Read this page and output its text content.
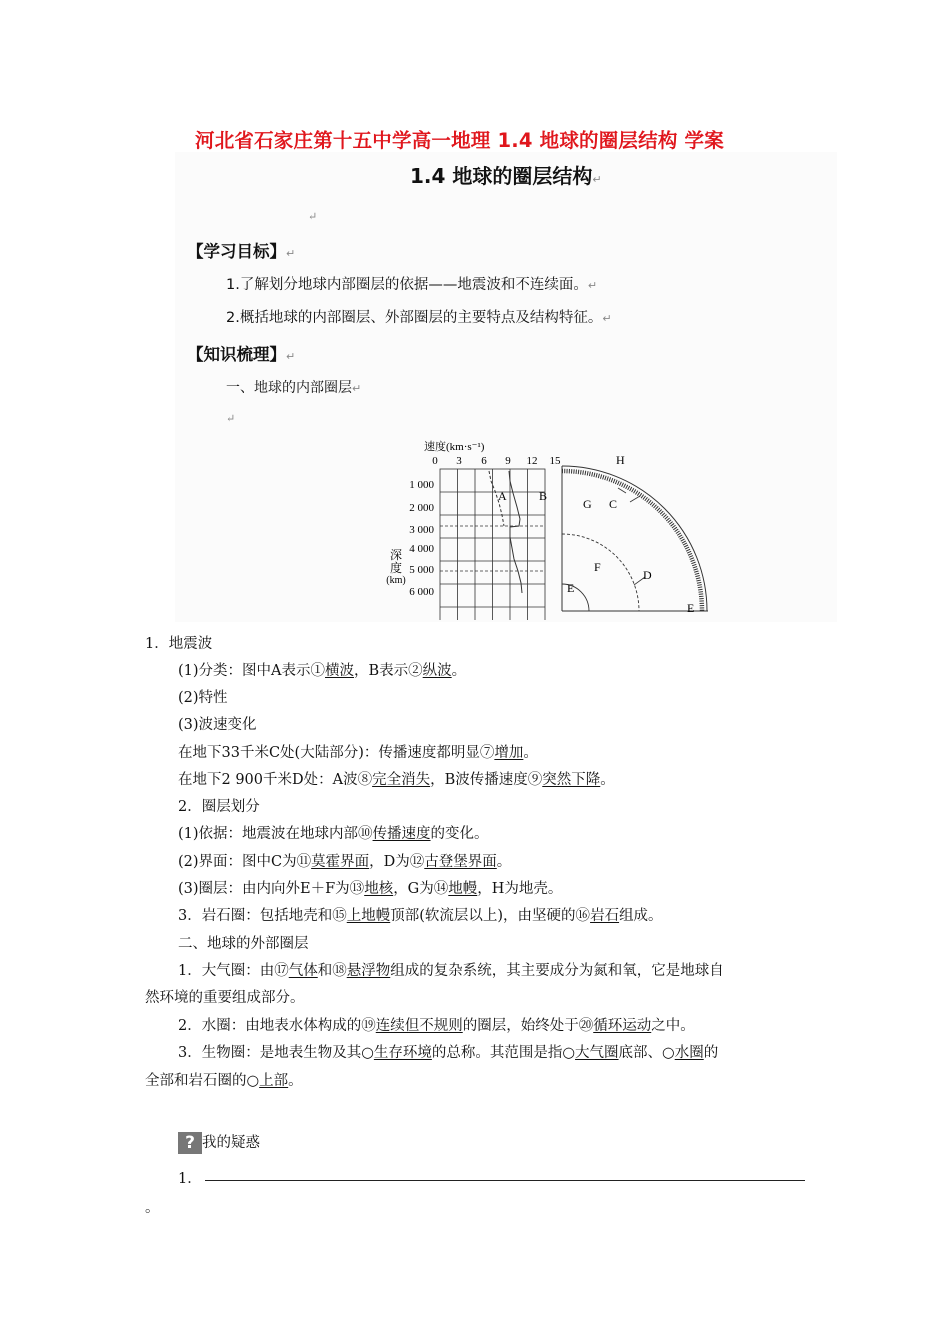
河北省石家庄第十五中学高一地理 1.4 地球的圈层结构 学案
1.4 地球的圈层结构↵
↵
【学习目标】↵
1.了解划分地球内部圈层的依据——地震波和不连续面。↵
2.概括地球的内部圈层、外部圈层的主要特点及结构特征。↵
【知识梳理】↵
一、地球的内部圈层↵
↵
速度(km·s⁻¹)
0 3 6 9 12 15
1 000
2 000
3 000
4 000
5 000
6 000
深
度
(km)
A	B
H
G C
F
D
E
E
1．地震波
(1)分类：图中A表示①横波，B表示②纵波。
(2)特性
(3)波速变化
在地下33千米C处(大陆部分)：传播速度都明显⑦增加。
在地下2 900千米D处：A波⑧完全消失，B波传播速度⑨突然下降。
2．圈层划分
(1)依据：地震波在地球内部⑩传播速度的变化。
(2)界面：图中C为⑪莫霍界面，D为⑫古登堡界面。
(3)圈层：由内向外E＋F为⑬地核，G为⑭地幔，H为地壳。
3．岩石圈：包括地壳和⑮上地幔顶部(软流层以上)，由坚硬的⑯岩石组成。
二、地球的外部圈层
1．大气圈：由⑰气体和⑱悬浮物组成的复杂系统，其主要成分为氮和氧，它是地球自
然环境的重要组成部分。
2．水圈：由地表水体构成的⑲连续但不规则的圈层，始终处于⑳循环运动之中。
3．生物圈：是地表生物及其○生存环境的总称。其范围是指○大气圈底部、○水圈的
全部和岩石圈的○上部。
? 我的疑惑
1．
。
